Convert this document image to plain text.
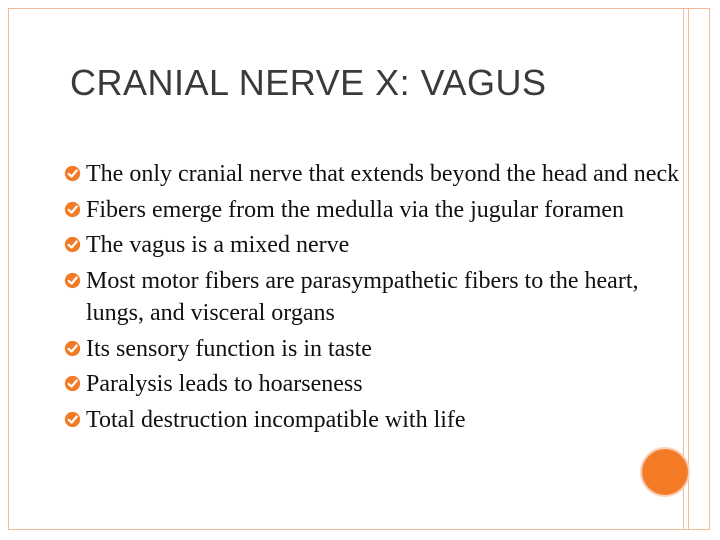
CRANIAL NERVE X: VAGUS
The only cranial nerve that extends beyond the head and neck
Fibers emerge from the medulla via the jugular foramen
The vagus is a mixed nerve
Most motor fibers are parasympathetic fibers to the heart, lungs, and visceral organs
Its sensory function is in taste
Paralysis leads to hoarseness
Total destruction incompatible with life
